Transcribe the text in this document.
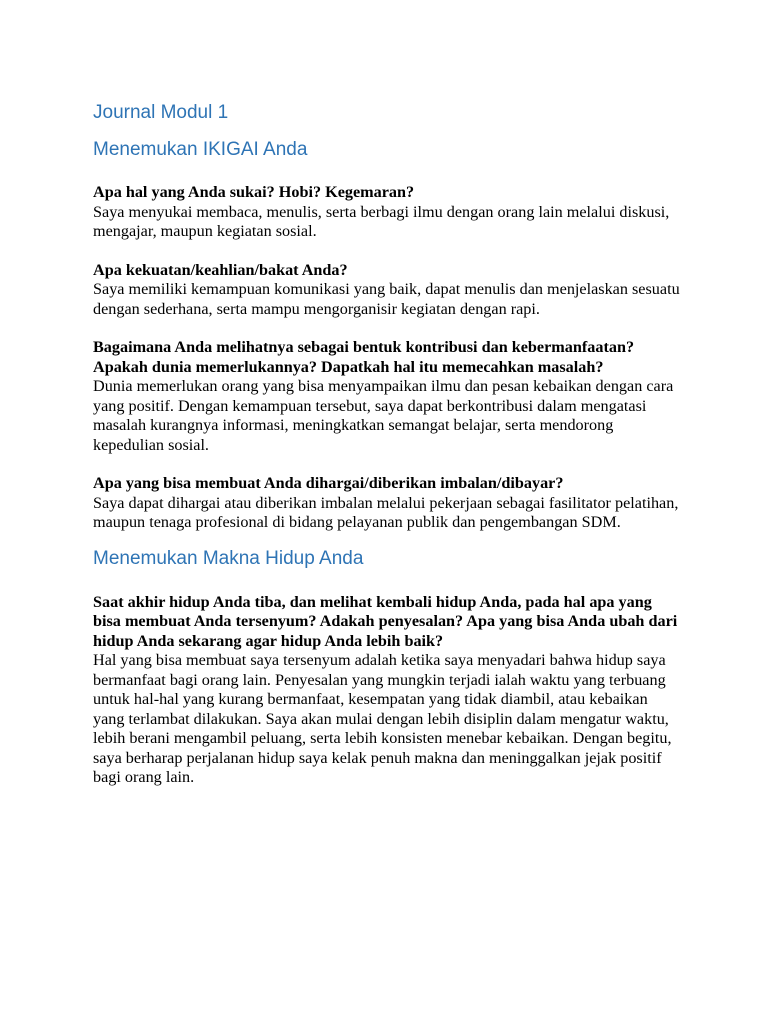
Journal Modul 1
Menemukan IKIGAI Anda

Apa hal yang Anda sukai? Hobi? Kegemaran?

Saya menyukai membaca, menulis, serta berbagi ilmu dengan orang lain melalui diskusi, mengajar, maupun kegiatan sosial.

Apa kekuatan/keahlian/bakat Anda?

Saya memiliki kemampuan komunikasi yang baik, dapat menulis dan menjelaskan sesuatu dengan sederhana, serta mampu mengorganisir kegiatan dengan rapi.

Bagaimana Anda melihatnya sebagai bentuk kontribusi dan kebermanfaatan? Apakah dunia memerlukannya? Dapatkah hal itu memecahkan masalah?

Dunia memerlukan orang yang bisa menyampaikan ilmu dan pesan kebaikan dengan cara yang positif. Dengan kemampuan tersebut, saya dapat berkontribusi dalam mengatasi masalah kurangnya informasi, meningkatkan semangat belajar, serta mendorong kepedulian sosial.

Apa yang bisa membuat Anda dihargai/diberikan imbalan/dibayar?

Saya dapat dihargai atau diberikan imbalan melalui pekerjaan sebagai fasilitator pelatihan, maupun tenaga profesional di bidang pelayanan publik dan pengembangan SDM.

Menemukan Makna Hidup Anda

Saat akhir hidup Anda tiba, dan melihat kembali hidup Anda, pada hal apa yang bisa membuat Anda tersenyum? Adakah penyesalan? Apa yang bisa Anda ubah dari hidup Anda sekarang agar hidup Anda lebih baik?

Hal yang bisa membuat saya tersenyum adalah ketika saya menyadari bahwa hidup saya bermanfaat bagi orang lain. Penyesalan yang mungkin terjadi ialah waktu yang terbuang untuk hal-hal yang kurang bermanfaat, kesempatan yang tidak diambil, atau kebaikan yang terlambat dilakukan. Saya akan mulai dengan lebih disiplin dalam mengatur waktu, lebih berani mengambil peluang, serta lebih konsisten menebar kebaikan. Dengan begitu, saya berharap perjalanan hidup saya kelak penuh makna dan meninggalkan jejak positif bagi orang lain.
